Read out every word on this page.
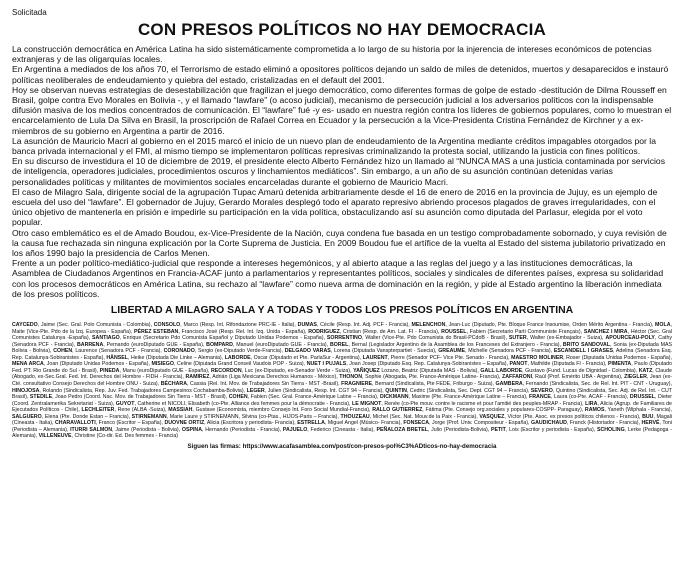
Solicitada

CON PRESOS POLÍTICOS NO HAY DEMOCRACIA

La construcción democrática en América Latina ha sido sistemáticamente comprometida a lo largo de su historia por la injerencia de intereses económicos de potencias extranjeras y de las oligarquías locales.

En Argentina a mediados de los años 70, el Terrorismo de estado eliminó a opositores políticos dejando un saldo de miles de detenidos, muertos y desaparecidos e instauró políticas neoliberales de endeudamiento y quiebra del estado, cristalizadas en el default del 2001.

Hoy se observan nuevas estrategias de desestabilización que fragilizan el juego democrático, como diferentes formas de golpe de estado -destitución de Dilma Rousseff en Brasil, golpe contra Evo Morales en Bolivia -, y el llamado “lawfare” (o acoso judicial), mecanismo de persecución judicial a los adversarios políticos con la indispensable difusión masiva de los medios concentrados de comunicación. El “lawfare” fué -y es- usado en nuestra región contra los líderes de gobiernos populares, como lo muestran el encarcelamiento de Lula Da Silva en Brasil, la proscripción de Rafael Correa en Ecuador y la persecución a la Vice-Presidenta Cristina Fernández de Kirchner y a ex-miembros de su gobierno en Argentina a partir de 2016.

La asunción de Mauricio Macri al gobierno en el 2015 marcó el inicio de un nuevo plan de endeudamiento de la Argentina mediante créditos impagables otorgados por la banca privada internacional y el FMI, al mismo tiempo se implementaron políticas represivas criminalizando la protesta social, utilizando la justicia con fines políticos.

En su discurso de investidura el 10 de diciembre de 2019, el presidente electo Alberto Fernández hizo un llamado al “NUNCA MAS a una justicia contaminada por servicios de inteligencia, operadores judiciales, procedimientos oscuros y linchamientos mediáticos”. Sin embargo, a un año de su asunción continúan detenidas varias personalidades políticas y militantes de movimientos sociales encarceladas durante el gobierno de Mauricio Macri.

El caso de Milagro Sala, dirigente social de la agrupación Tupac Amarú detenida arbitrariamente desde el 16 de enero de 2016 en la provincia de Jujuy, es un ejemplo de escuela del uso del “lawfare”. El gobernador de Jujuy, Gerardo Morales desplegó todo el aparato represivo abriendo procesos plagados de graves irregularidades, con el único objetivo de mantenerla en prisión e impedirle su participación en la vida política, obstaculizando así su asunción como diputada del Parlasur, elegida por el voto popular.

Otro caso emblemático es el de Amado Boudou, ex-Vice-Presidente de la Nación, cuya condena fue basada en un testigo comprobadamente sobornado, y cuya revisión de la causa fue rechazada sin ninguna explicación por la Corte Suprema de Justicia. En 2009 Boudou fue el artífice de la vuelta al Estado del sistema jubilatorio privatizado en los años 1990 bajo la presidencia de Carlos Menen.

Frente a un poder político-mediático-judicial que responde a intereses hegemónicos, y al abierto ataque a las reglas del juego y a las instituciones democráticas, la Asamblea de Ciudadanos Argentinos en Francia-ACAF junto a parlamentarios y representantes políticos, sociales y sindicales de diferentes países, expresa su solidaridad con los procesos democráticos en América Latina, su rechazo al “lawfare” como nueva arma de dominación en la región, y pide al Estado argentino la liberación inmediata de los presos políticos.

LIBERTAD A MILAGRO SALA Y A TODAS Y TODOS LOS PRESOS POLÍTICOS EN ARGENTINA

CAYCEDO, Jaime (Sec. Gral. Polo Comunista - Colombia), CONSOLO, Marco (Resp. Int. Rifondazione PRC-IE - Italia), DUMAS, Cécile (Resp. Int. Adj. PCF - Francia), MELENCHON, Jean-Luc (Diputado, Pte. Bloque France Insoumise, Orden Mérito Argentina - Francia), MOLA, Maite (Vice-Pte. Pdo de la Izq. Europea - España), PÉREZ ESTEBAN, Francisco José (Resp. Rel. Int. Izq. Unida - España), RODRIGUEZ, Cristian (Resp. de Am. Lat. FI - Francia), ROUSSEL, Fabien (Secretario Parti Communiste Français), SANCHEZ I MIRA, Héctor (Sec. Gral Comunistes Catalunya -España), SANTIAGO, Enrique (Secretario Pdo Comunista Español y Diputado Unidas Podemos - España), SORRENTINO, Walter (Vice-Pte. Pdo Comunista do Brasil-PCdoB - Brasil), SUTER, Walter (ex-Embajador - Suiza), APOURCEAU-POLY, Cathy (Senadora PCF - Francia), BARRENA, Pernando (euroDiputado GUE - España), BOMPARD, Manuel (euroDiputado GUE - Francia), BOREL, Bernal (Legislador Argentino de la Asamblea de los Franceses del Extranjero - Francia), BRITO SANDOVAL, Sonia (ex-Diputada MAS Bolivia - Bolivia), COHEN, Laurence (Senadora PCF - Francia), CORONADO, Sergio (ex-Diputado Verde-Francia), DELGADO VARAS, Lorena (Diputada Vanspterpartiet - Suecia), GREAUME, Michelle (Senadora PCF - Francia), ESCANDELL I GRASES, Adelina (Senadora Esq. Rep. Catalunya-Sobiranistes - España), HÄNSEL, Heike (Diputada Die Linke – Alemania), LABORDE, Oscar (Diputado et Pte. ParlaSur - Argentina), LAURENT, Pierre (Senador PCF- Vice Pte. Senado - Francia), MAESTRO MOLINER, Roser (Diputada Unidas Podemos - España), MENA ARCA, Joan (Diputado Unidas Podemos - España), MISIEGO, Celine (Diputada Grand Conseil Vaudois POP - Suiza), NUET I PUJALS, Joan Josep (Diputado Esq. Rep. Catalunya-Sobiranistes – España), PANOT, Mathilde (Diputada FI - Francia), PIMENTA, Paulo (Diputado Fed. PT. Rio Grande do Sul - Brasil), PINEDA, Manu (euroDiputado GUE - España), RECORDON, Luc (ex-Diputado, ex-Senador Verde - Suiza), YAÑIQUEZ Lozano, Beatriz (Diputada MAS - Bolivia), GALL LABORDE, Gustavo (Fund. Lucas de Dignidad - Colombia), KATZ, Claude (Abogado, ex-Sec.Gral. Fed. Int. Derechos del Hombre - FIDH - Francia), RAMIREZ, Adrián (Liga Mexicana Derechos Humanos - México), THONON, Sophie (Abogada, Pte. France-Amérique Latine- Francia), ZAFFARONI, Raúl (Prof. Emérito UBA - Argentina), ZIEGLER, Jean (ex-Cté. consultativo Consejo Derechos del Hombre ONU - Suiza), BÉCHARA, Cassia (Rel. Int. Mov. de Trabajadores Sin Tierra - MST -Brasil), FRAGNIERE, Bernard (Sindicalista, Pte FEDE, Friburgo - Suiza), GAMBERA, Fernando (Sindicalista, Sec. de Rel. Int. PIT - CNT - Uruguay), HINOJOSA, Rolando (Sindicalista, Rep. Juv. Fed. Trabajadores Campesinos Cochabamba-Bolivia), LEGER, Julien (Sindicalista, Resp. Int. CGT 94 – Francia), QUINTIN, Cedric (Sindicalista, Sec. Dept. CGT 94 – Francia), SEVERO, Quintino (Sindicalista, Sec. Adj. de Rel. Int. - CUT Brasil), STEDILE, Joao Pedro (Coord. Nac. Mov. de Trabajadores Sin Tierra - MST - Brasil), COHEN, Fabien (Sec. Gral. France-Amérique Latine – Francia), DICKMANN, Maxime (Pte. France-Amérique Latine – Francia), FRANCE, Laura (co-Pte. ACAF - Francia), DRUSSEL, Dieter (Coord. Zentralamerika Sekretariat - Suiza), GUYOT, Catherine et NICOLI, Elisabeth (co-Pte. Alliance des femmes pour la démocratie - Francia), LE MIGNOT, Renée (co-Pte mouv. contre le racisme et pour l'amitié des peuples-MRAP - Francia), LIRA, Alicia (Agrup. de Familiares de Ejecutados Políticos - Chile), LECHLEITER, Rene (ALBA -Suiza), MASSIAH, Gustave (Economista, miembro Consejo Int. Foro Social Mundial-Francia), RALLO GUTIERREZ, Fátima (Pte. Consejo org.sociales y populares-COSPP- Paraguay), RAMOS, Yaneth (Wiphala - Francia), SALGUERO, Elena (Pte. Donde Estan – Francia), STIRNEMANN, Marie Laure y STIRNEMANN, Silvina (co-Ptas., HIJOS-Paris – Francia), THOUZEAU, Michel (Sec. Nat. Mouv.de la Paix - Francia), VASQUEZ, Víctor (Pte. Asoc. ex presos políticos chilenos - Francia), BUU, Magali (Cineasta - Italia), CHARAVALLOTI, Franco (Escritor – España), DUOVNE ORTIZ, Alicia (Escritora y periodista- Francia), ESTRELLA, Miguel Angel (Músico- Francia), FONSECA, Jorge (Prof. Univ. Compositeur - España), GAUDICHAUD, Franck (Historiador - Francia), HERVÉ, Toni (Periodista – Alemania), ITURRI SALMON, Jaime (Periodista - Bolivia), OSPINA, Hernando (Periodista - Francia), PAJUELO, Federico (Cineasta - Italia), PEÑALOZA BRETEL, Julio (Periodista-Bolivia), PETIT, Lois (Escritor y periodista - España), SCHOLING, Lerke (Pedagoga - Alemania), VILLENEUVE, Christine (Co-dir. Ed. Des femmes - Francia)

Siguen las firmas: https://www.acafasamblea.com/post/con-presos-pol%C3%ADticos-no-hay-democracia
